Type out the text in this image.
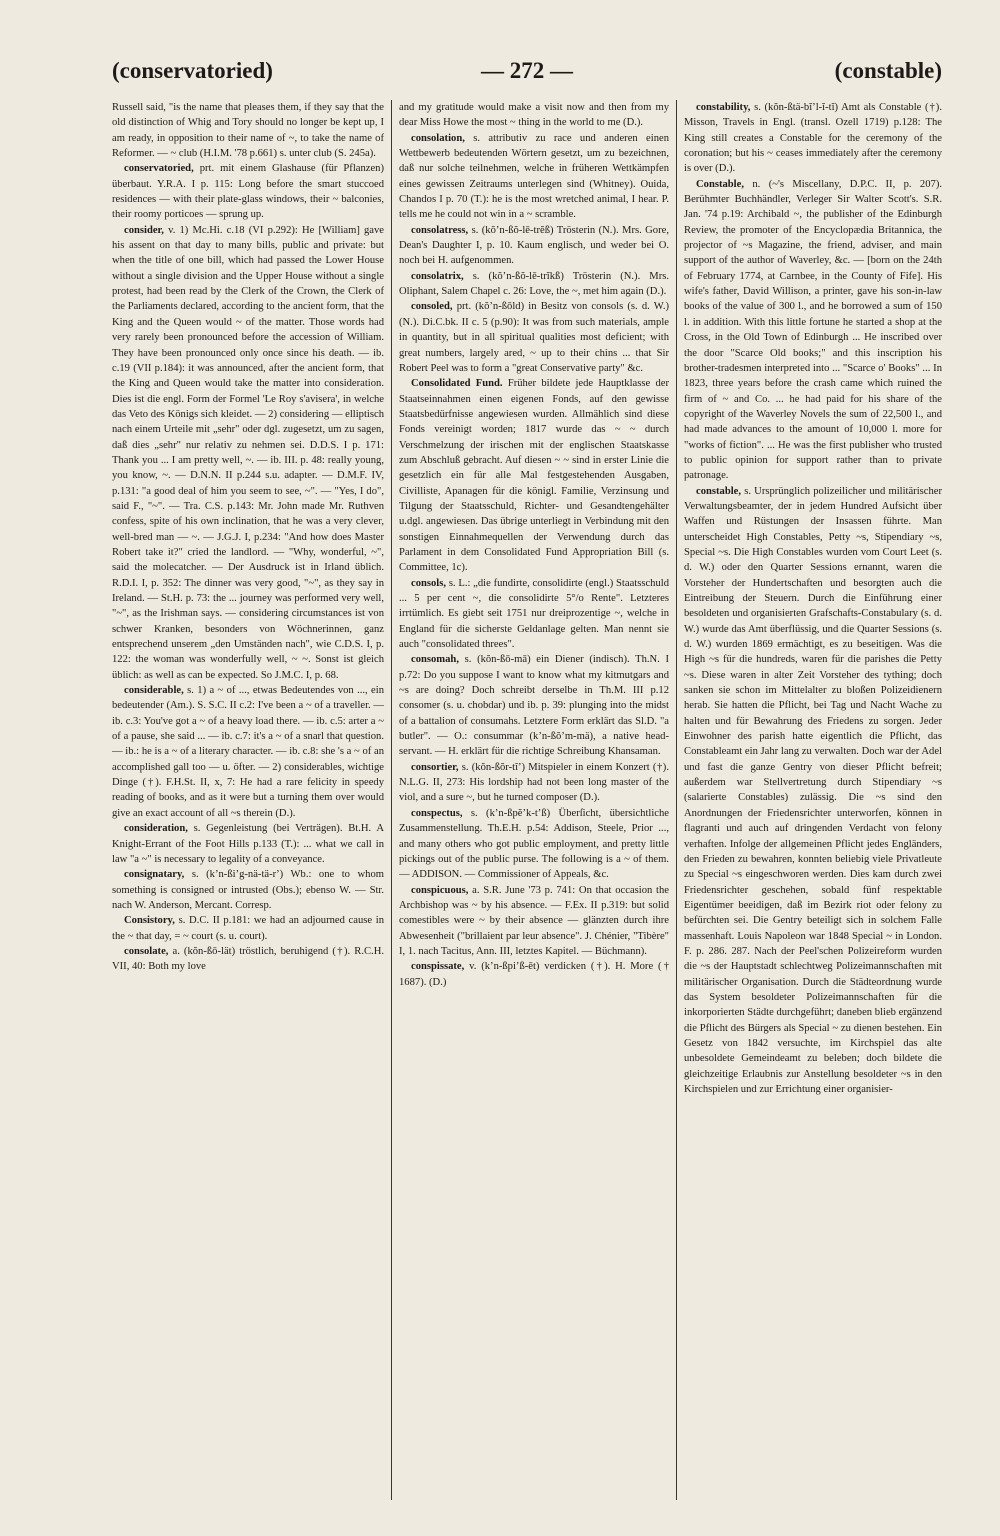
(conservatoried)	— 272 —	(constable)

Russell said, "is the name that pleases them, if they say that the old distinction of Whig and Tory should no longer be kept up, I am ready, in opposition to their name of ~, to take the name of Reformer. — ~ club (H.I.M. '78 p.661) s. unter club (S. 245a).

conservatoried, prt. mit einem Glashause (für Pflanzen) überbaut. Y.R.A. I p. 115: Long before the smart stuccoed residences — with their plate-glass windows, their ~ balconies, their roomy porticoes — sprung up.

consider, v. 1) Mc.Hi. c.18 (VI p.292): He [William] gave his assent on that day to many bills, public and private: but when the title of one bill, which had passed the Lower House without a single division and the Upper House without a single protest, had been read by the Clerk of the Crown, the Clerk of the Parliaments declared, according to the ancient form, that the King and the Queen would ~ of the matter. Those words had very rarely been pronounced before the accession of William. They have been pronounced only once since his death. — ib. c.19 (VII p.184): it was announced, after the ancient form, that the King and Queen would take the matter into consideration. Dies ist die engl. Form der Formel 'Le Roy s'avisera', in welche das Veto des Königs sich kleidet. — 2) considering — elliptisch nach einem Urteile mit „sehr" oder dgl. zugesetzt, um zu sagen, daß dies „sehr" nur relativ zu nehmen sei. D.D.S. I p. 171: Thank you ... I am pretty well, ~. — ib. III. p. 48: really young, you know, ~. — D.N.N. II p.244 s.u. adapter. — D.M.F. IV, p.131: "a good deal of him you seem to see, ~". — "Yes, I do", said F., "~". — Tra. C.S. p.143: Mr. John made Mr. Ruthven confess, spite of his own inclination, that he was a very clever, well-bred man — ~. — J.G.J. I, p.234: "And how does Master Robert take it?" cried the landlord. — "Why, wonderful, ~", said the molecatcher. — Der Ausdruck ist in Irland üblich. R.D.I. I, p. 352: The dinner was very good, "~", as they say in Ireland. — St.H. p. 73: the ... journey was performed very well, "~", as the Irishman says. — considering circumstances ist von schwer Kranken, besonders von Wöchnerinnen, ganz entsprechend unserem „den Umständen nach", wie C.D.S. I, p. 122: the woman was wonderfully well, ~ ~. Sonst ist gleich üblich: as well as can be expected. So J.M.C. I, p. 68.

considerable, s. 1) a ~ of ..., etwas Bedeutendes von ..., ein bedeutender (Am.). S. S.C. II c.2: I've been a ~ of a traveller. — ib. c.3: You've got a ~ of a heavy load there. — ib. c.5: arter a ~ of a pause, she said ... — ib. c.7: it's a ~ of a snarl that question. — ib.: he is a ~ of a literary character. — ib. c.8: she 's a ~ of an accomplished gall too — u. öfter. — 2) considerables, wichtige Dinge (†). F.H.St. II, x, 7: He had a rare felicity in speedy reading of books, and as it were but a turning them over would give an exact account of all ~s therein (D.).

consideration, s. Gegenleistung (bei Verträgen). Bt.H. A Knight-Errant of the Foot Hills p.133 (T.): ... what we call in law "a ~" is necessary to legality of a conveyance.

consignatary, s. (kʼn-ßiʼg-nä-tä-rʼ) Wb.: one to whom something is consigned or intrusted (Obs.); ebenso W. — Str. nach W. Anderson, Mercant. Corresp.

Consistory, s. D.C. II p.181: we had an adjourned cause in the ~ that day, = ~ court (s. u. court).

consolate, a. (kŏn-ßō-lät) tröstlich, beruhigend (†). R.C.H. VII, 40: Both my love

and my gratitude would make a visit now and then from my dear Miss Howe the most ~ thing in the world to me (D.).

consolation, s. attributiv zu race und anderen einen Wettbewerb bedeutenden Wörtern gesetzt, um zu bezeichnen, daß nur solche teilnehmen, welche in früheren Wettkämpfen eines gewissen Zeitraums unterlegen sind (Whitney). Ouida, Chandos I p. 70 (T.): he is the most wretched animal, I hear. P. tells me he could not win in a ~ scramble.

consolatress, s. (kŏʼn-ßŏ-lē-trĕß) Trösterin (N.). Mrs. Gore, Dean's Daughter I, p. 10. Kaum englisch, und weder bei O. noch bei H. aufgenommen.

consolatrix, s. (kŏʼn-ßŏ-lē-trĭkß) Trösterin (N.). Mrs. Oliphant, Salem Chapel c. 26: Love, the ~, met him again (D.).

consoled, prt. (kŏʼn-ßōld) in Besitz von consols (s. d. W.) (N.). Di.C.bk. II c. 5 (p.90): It was from such materials, ample in quantity, but in all spiritual qualities most deficient; with great numbers, largely ared, ~ up to their chins ... that Sir Robert Peel was to form a "great Conservative party" &c.

Consolidated Fund. Früher bildete jede Hauptklasse der Staatseinnahmen einen eigenen Fonds, auf den gewisse Staatsbedürfnisse angewiesen wurden. Allmählich sind diese Fonds vereinigt worden; 1817 wurde das ~ ~ durch Verschmelzung der irischen mit der englischen Staatskasse zum Abschluß gebracht. Auf diesen ~ ~ sind in erster Linie die gesetzlich ein für alle Mal festgestehenden Ausgaben, Civilliste, Apanagen für die königl. Familie, Verzinsung und Tilgung der Staatsschuld, Richter- und Gesandtengehälter u.dgl. angewiesen. Das übrige unterliegt in Verbindung mit den sonstigen Einnahmequellen der Verwendung durch das Parlament in dem Consolidated Fund Appropriation Bill (s. Committee, 1c).

consols, s. L.: „die fundirte, consolidirte (engl.) Staatsschuld ... 5 per cent ~, die consolidirte 5°/o Rente". Letzteres irrtümlich. Es giebt seit 1751 nur dreiprozentige ~, welche in England für die sicherste Geldanlage gelten. Man nennt sie auch "consolidated threes".

consomah, s. (kŏn-ßō-mā) ein Diener (indisch). Th.N. I p.72: Do you suppose I want to know what my kitmutgars and ~s are doing? Doch schreibt derselbe in Th.M. III p.12 consomer (s. u. chobdar) und ib. p. 39: plunging into the midst of a battalion of consumahs. Letztere Form erklärt das Sl.D. "a butler". — O.: consummar (kʼn-ßŏʼm-mä), a native head-servant. — H. erklärt für die richtige Schreibung Khansaman.

consortier, s. (kŏn-ßŏr-tîʼ) Mitspieler in einem Konzert (†). N.L.G. II, 273: His lordship had not been long master of the viol, and a sure ~, but he turned composer (D.).

conspectus, s. (kʼn-ßpĕʼk-tʼß) Überſicht, übersichtliche Zusammenstellung. Th.E.H. p.54: Addison, Steele, Prior ..., and many others who got public employment, and pretty little pickings out of the public purse. The following is a ~ of them. — ADDISON. — Commissioner of Appeals, &c.

conspicuous, a. S.R. June '73 p. 741: On that occasion the Archbishop was ~ by his absence. — F.Ex. II p.319: but solid comestibles were ~ by their absence — glänzten durch ihre Abwesenheit ("brillaient par leur absence". J. Chénier, "Tibère" I, 1. nach Tacitus, Ann. III, letztes Kapitel. — Büchmann).

conspissate, v. (kʼn-ßpiʼß-ēt) verdicken (†). H. More († 1687). (D.)

constability, s. (kŏn-ßtä-bĭʼl-ĭ-tĭ) Amt als Constable (†). Misson, Travels in Engl. (transl. Ozell 1719) p.128: The King still creates a Constable for the ceremony of the coronation; but his ~ ceases immediately after the ceremony is over (D.).

Constable, n. (~'s Miscellany, D.P.C. II, p. 207). Berühmter Buchhändler, Verleger Sir Walter Scott's. S.R. Jan. '74 p.19: Archibald ~, the publisher of the Edinburgh Review, the promoter of the Encyclopædia Britannica, the projector of ~s Magazine, the friend, adviser, and main support of the author of Waverley, &c. — [born on the 24th of February 1774, at Carnbee, in the County of Fife]. His wife's father, David Willison, a printer, gave his son-in-law books of the value of 300 l., and he borrowed a sum of 150 l. in addition. With this little fortune he started a shop at the Cross, in the Old Town of Edinburgh ... He inscribed over the door "Scarce Old books;" and this inscription his brother-tradesmen interpreted into ... "Scarce o' Books" ... In 1823, three years before the crash came which ruined the firm of ~ and Co. ... he had paid for his share of the copyright of the Waverley Novels the sum of 22,500 l., and had made advances to the amount of 10,000 l. more for "works of fiction". ... He was the first publisher who trusted to public opinion for support rather than to private patronage.

constable, s. Ursprünglich polizeilicher und militärischer Verwaltungsbeamter, der in jedem Hundred Aufsicht über Waffen und Rüstungen der Insassen führte. Man unterscheidet High Constables, Petty ~s, Stipendiary ~s, Special ~s. Die High Constables wurden vom Court Leet (s. d. W.) oder den Quarter Sessions ernannt, waren die Vorsteher der Hundertschaften und besorgten auch die Eintreibung der Steuern. Durch die Einführung einer besoldeten und organisierten Grafschafts-Constabulary (s. d. W.) wurde das Amt überflüssig, und die Quarter Sessions (s. d. W.) wurden 1869 ermächtigt, es zu beseitigen. Was die High ~s für die hundreds, waren für die parishes die Petty ~s. Diese waren in alter Zeit Vorsteher des tything; doch sanken sie schon im Mittelalter zu bloßen Polizeidienern herab. Sie hatten die Pflicht, bei Tag und Nacht Wache zu halten und für Bewahrung des Friedens zu sorgen. Jeder Einwohner des parish hatte eigentlich die Pflicht, das Constableamt ein Jahr lang zu verwalten. Doch war der Adel und fast die ganze Gentry von dieser Pflicht befreit; außerdem war Stellvertretung durch Stipendiary ~s (salarierte Constables) zulässig. Die ~s sind den Anordnungen der Friedensrichter unterworfen, können in flagranti und auch auf dringenden Verdacht von felony verhaften. Infolge der allgemeinen Pflicht jedes Engländers, den Frieden zu bewahren, konnten beliebig viele Privatleute zu Special ~s eingeschworen werden. Dies kam durch zwei Friedensrichter geschehen, sobald fünf respektable Eigentümer beeidigen, daß im Bezirk riot oder felony zu befürchten sei. Die Gentry beteiligt sich in solchem Falle massenhaft. Louis Napoleon war 1848 Special ~ in London. F. p. 286. 287. Nach der Peel'schen Polizeireform wurden die ~s der Hauptstadt schlechtweg Polizeimannschaften mit militärischer Organisation. Durch die Städteordnung wurde das System besoldeter Polizeimannschaften für die inkorporierten Städte durchgeführt; daneben blieb ergänzend die Pflicht des Bürgers als Special ~ zu dienen bestehen. Ein Gesetz von 1842 versuchte, im Kirchspiel das alte unbesoldete Gemeindeamt zu beleben; doch bildete die gleichzeitige Erlaubnis zur Anstellung besoldeter ~s in den Kirchspielen und zur Errichtung einer organisier-
